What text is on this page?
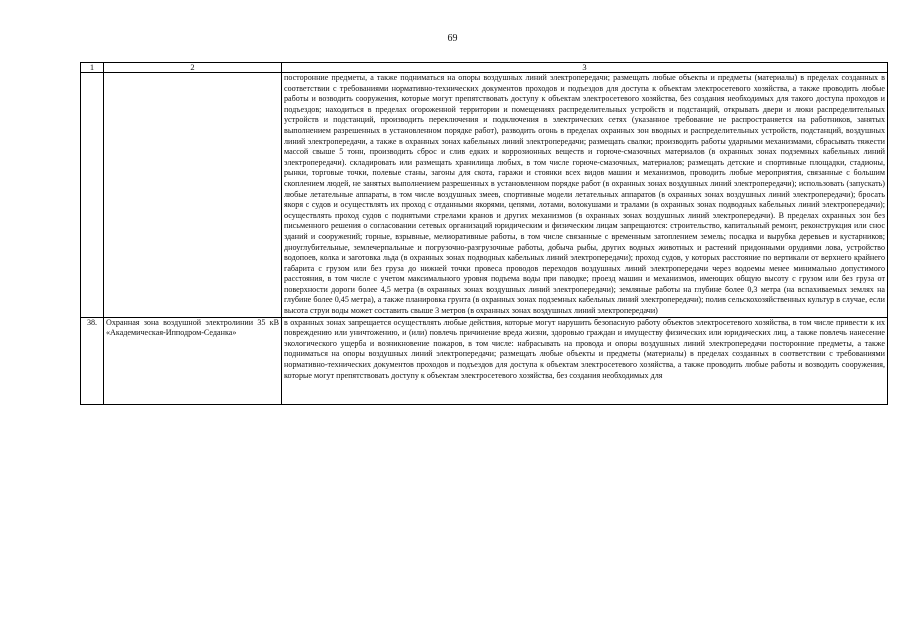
69
1	2	3
		посторонние предметы, а также подниматься на опоры воздушных линий электропередачи; размещать любые объекты и предметы (материалы) в пределах созданных в соответствии с требованиями нормативно-технических документов проходов и подъездов для доступа к объектам электросетевого хозяйства, а также проводить любые работы и возводить сооружения, которые могут препятствовать доступу к объектам электросетевого хозяйства, без создания необходимых для такого доступа проходов и подъездов; находиться в пределах огороженной территории и помещениях распределительных устройств и подстанций, открывать двери и люки распределительных устройств и подстанций, производить переключения и подключения в электрических сетях (указанное требование не распространяется на работников, занятых выполнением разрешенных в установленном порядке работ), разводить огонь в пределах охранных зон вводных и распределительных устройств, подстанций, воздушных линий электропередачи, а также в охранных зонах кабельных линий электропередачи; размещать свалки; производить работы ударными механизмами, сбрасывать тяжести массой свыше 5 тонн, производить сброс и слив едких и коррозионных веществ и горюче-смазочных материалов (в охранных зонах подземных кабельных линий электропередачи). складировать или размещать хранилища любых, в том числе горюче-смазочных, материалов; размещать детские и спортивные площадки, стадионы, рынки, торговые точки, полевые станы, загоны для скота, гаражи и стоянки всех видов машин и механизмов, проводить любые мероприятия, связанные с большим скоплением людей, не занятых выполнением разрешенных в установленном порядке работ (в охранных зонах воздушных линий электропередачи); использовать (запускать) любые летательные аппараты, в том числе воздушных змеев, спортивные модели летательных аппаратов (в охранных зонах воздушных линий электропередачи); бросать якоря с судов и осуществлять их проход с отданными якорями, цепями, лотами, волокушами и тралами (в охранных зонах подводных кабельных линий электропередачи); осуществлять проход судов с поднятыми стрелами кранов и других механизмов (в охранных зонах воздушных линий электропередачи). В пределах охранных зон без письменного решения о согласовании сетевых организаций юридическим и физическим лицам запрещаются: строительство, капитальный ремонт, реконструкция или снос зданий и сооружений; горные, взрывные, мелиоративные работы, в том числе связанные с временным затоплением земель; посадка и вырубка деревьев и кустарников; дноуглубительные, землечерпальные и погрузочно-разгрузочные работы, добыча рыбы, других водных животных и растений придонными орудиями лова, устройство водопоев, колка и заготовка льда (в охранных зонах подводных кабельных линий электропередачи); проход судов, у которых расстояние по вертикали от верхнего крайнего габарита с грузом или без груза до нижней точки провеса проводов переходов воздушных линий электропередачи через водоемы менее минимально допустимого расстояния, в том числе с учетом максимального уровня подъема воды при паводке; проезд машин и механизмов, имеющих общую высоту с грузом или без груза от поверхности дороги более 4,5 метра (в охранных зонах воздушных линий электропередачи); земляные работы на глубине более 0,3 метра (на вспахиваемых землях на глубине более 0,45 метра), а также планировка грунта (в охранных зонах подземных кабельных линий электропередачи); полив сельскохозяйственных культур в случае, если высота струи воды может составить свыше 3 метров (в охранных зонах воздушных линий электропередачи)
38.	Охранная зона воздушной электролинии 35 кВ «Академическая-Ипподром-Седанка»	в охранных зонах запрещается осуществлять любые действия, которые могут нарушить безопасную работу объектов электросетевого хозяйства, в том числе привести к их повреждению или уничтожению, и (или) повлечь причинение вреда жизни, здоровью граждан и имуществу физических или юридических лиц, а также повлечь нанесение экологического ущерба и возникновение пожаров, в том числе: набрасывать на провода и опоры воздушных линий электропередачи посторонние предметы, а также подниматься на опоры воздушных линий электропередачи; размещать любые объекты и предметы (материалы) в пределах созданных в соответствии с требованиями нормативно-технических документов проходов и подъездов для доступа к объектам электросетевого хозяйства, а также проводить любые работы и возводить сооружения, которые могут препятствовать доступу к объектам электросетевого хозяйства, без создания необходимых для
